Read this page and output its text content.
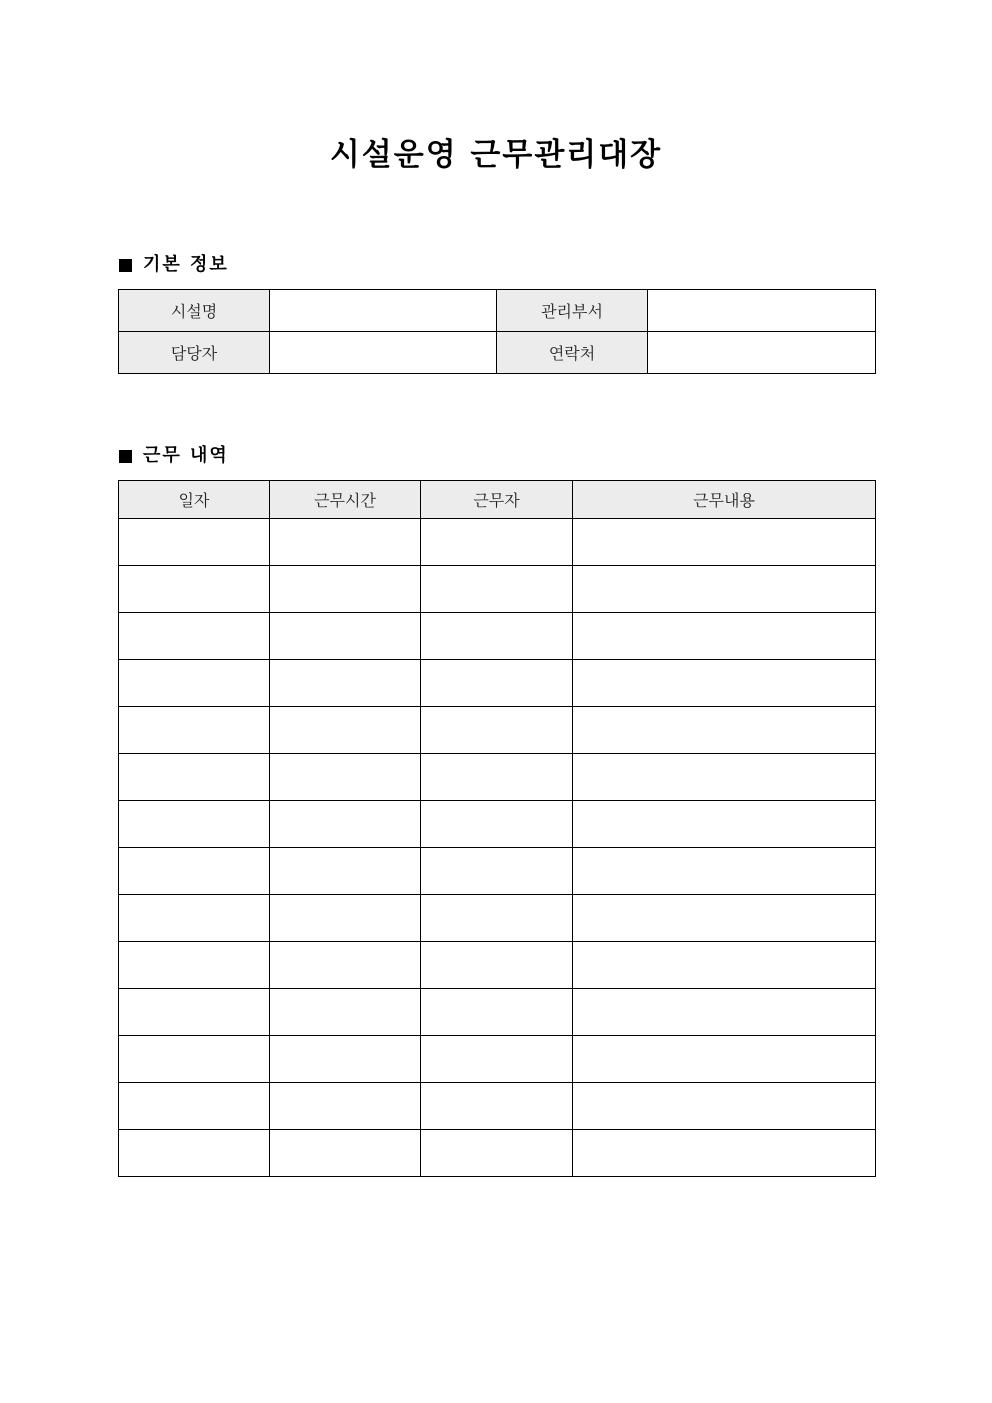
시설운영 근무관리대장
기본 정보
시설명		관리부서	
담당자		연락처	
근무 내역
일자	근무시간	근무자	근무내용
